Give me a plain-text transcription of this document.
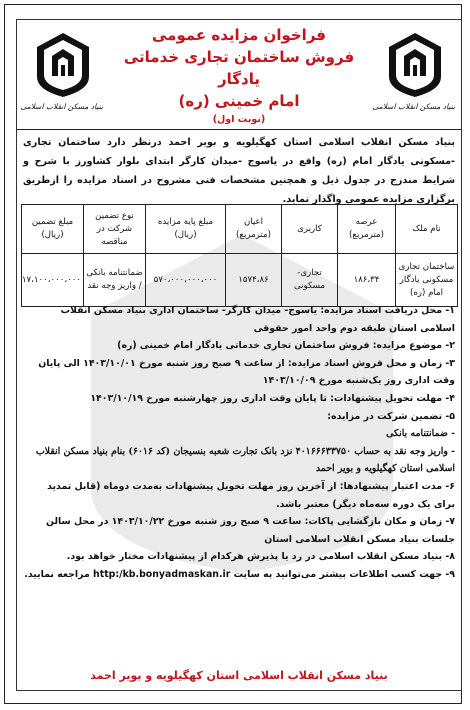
بنیاد مسکن انقلاب اسلامی
فراخوان مزایده عمومی
فروش ساختمان تجاری خدماتی یادگار
امام خمینی (ره)
(نوبت اول)
بنیاد مسکن انقلاب اسلامی
بنیاد مسکن انقلاب اسلامی استان کهگیلویه و بویر احمد درنظر دارد ساختمان تجاری -مسکونی یادگار امام (ره) واقع در یاسوج -میدان کارگر ابتدای بلوار کشاورز با شرح و شرایط مندرج در جدول ذیل و همچنین مشخصات فنی مشروح در اسناد مزایده را ازطریق برگزاری مزایده عمومی واگذار نماید.
نام ملک	عرصه (مترمربع)	کاربری	اعیان (مترمربع)	مبلغ پایه مزایده (ریال)	نوع تضمین شرکت در مناقصه	مبلغ تضمین (ریال)
ساختمان تجاری مسکونی یادگار امام (ره)	۱۸۶،۳۴	تجاری- مسکونی	۱۵۷۴،۸۶	۵۷۰،۰۰۰،۰۰۰،۰۰۰	ضمانتنامه بانکی / واریز وجه نقد	۱۷،۱۰۰،۰۰۰،۰۰۰
۱- محل دریافت اسناد مزایده: یاسوج- میدان کارگر- ساختمان اداری بنیاد مسکن انقلاب اسلامی استان طبقه دوم واحد امور حقوقی
۲- موضوع مزایده: فروش ساختمان تجاری خدماتی یادگار امام خمینی (ره)
۳- زمان و محل فروش اسناد مزایده: از ساعت ۹ صبح روز شنبه مورخ ۱۴۰۳/۱۰/۰۱ الی پایان وقت اداری روز یک‌شنبه مورخ ۱۴۰۳/۱۰/۰۹
۴- مهلت تحویل پیشنهادات: تا پایان وقت اداری روز چهارشنبه مورخ ۱۴۰۳/۱۰/۱۹
۵- تضمین شرکت در مزایده:
- ضمانتنامه بانکی
- واریز وجه نقد به حساب ۴۰۱۶۶۶۳۳۷۵۰ نزد بانک تجارت شعبه بنسیجان (کد ۶۰۱۶) بنام بنیاد مسکن انقلاب اسلامی استان کهگیلویه و بویر احمد
۶- مدت اعتبار پیشنهادها: از آخرین روز مهلت تحویل پیشنهادات به‌مدت دوماه (قابل تمدید برای یک دوره سه‌ماه دیگر) معتبر باشد.
۷- زمان و مکان بازگشایی پاکات: ساعت ۹ صبح روز شنبه مورخ ۱۴۰۳/۱۰/۲۲ در محل سالن جلسات بنیاد مسکن انقلاب اسلامی استان
۸- بنیاد مسکن انقلاب اسلامی در رد یا پذیرش هرکدام از پیشنهادات مختار خواهد بود.
۹- جهت کسب اطلاعات بیشتر می‌توانید به سایت http:/kb.bonyadmaskan.ir مراجعه نمایید.
بنیاد مسکن انقلاب اسلامی استان کهگیلویه و بویر احمد
